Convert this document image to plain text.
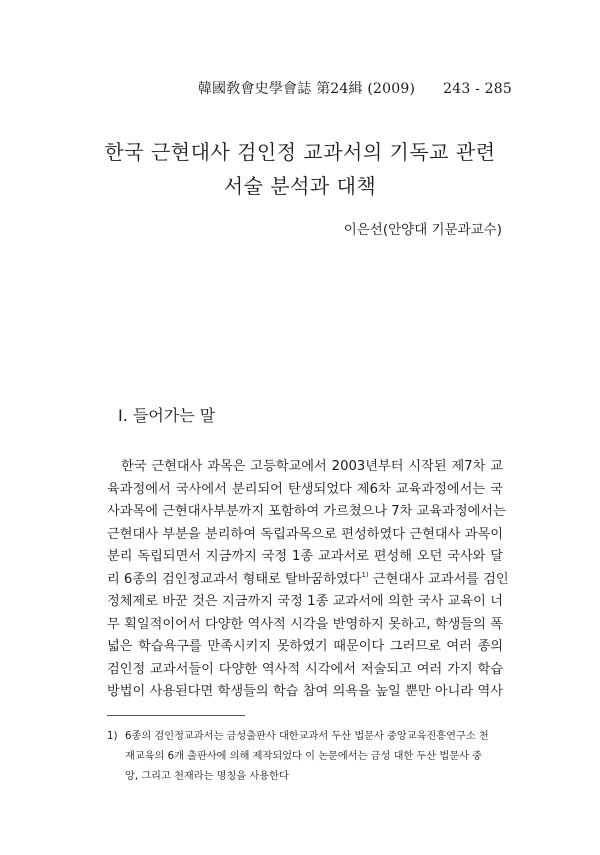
韓國敎會史學會誌 第24緝 (2009) 243 - 285
한국 근현대사 검인정 교과서의 기독교 관련
서술 분석과 대책
이은선(안양대 기문과교수)
I. 들어가는 말

한국 근현대사 과목은 고등학교에서 2003년부터 시작된 제7차 교
육과정에서 국사에서 분리되어 탄생되었다 제6차 교육과정에서는 국
사과목에 근현대사부분까지 포함하여 가르쳤으나 7차 교육과정에서는
근현대사 부분을 분리하여 독립과목으로 편성하였다 근현대사 과목이
분리 독립되면서 지금까지 국정 1종 교과서로 편성해 오던 국사와 달
리 6종의 검인정교과서 형태로 탈바꿈하였다$^{1)}$ 근현대사 교과서를 검인
정체제로 바꾼 것은 지금까지 국정 1종 교과서에 의한 국사 교육이 너
무 획일적이어서 다양한 역사적 시각을 반영하지 못하고, 학생들의 폭
넓은 학습욕구를 만족시키지 못하였기 때문이다 그러므로 여러 종의
검인정 교과서들이 다양한 역사적 시각에서 저술되고 여러 가지 학습
방법이 사용된다면 학생들의 학습 참여 의욕을 높일 뿐만 아니라 역사

1) 6종의 검인정교과서는 금성출판사 대한교과서 두산 법문사 중앙교육진흥연구소 천
재교육의 6개 출판사에 의해 제작되었다 이 논문에서는 금성 대한 두산 법문사 중
앙, 그리고 천재라는 명칭을 사용한다
